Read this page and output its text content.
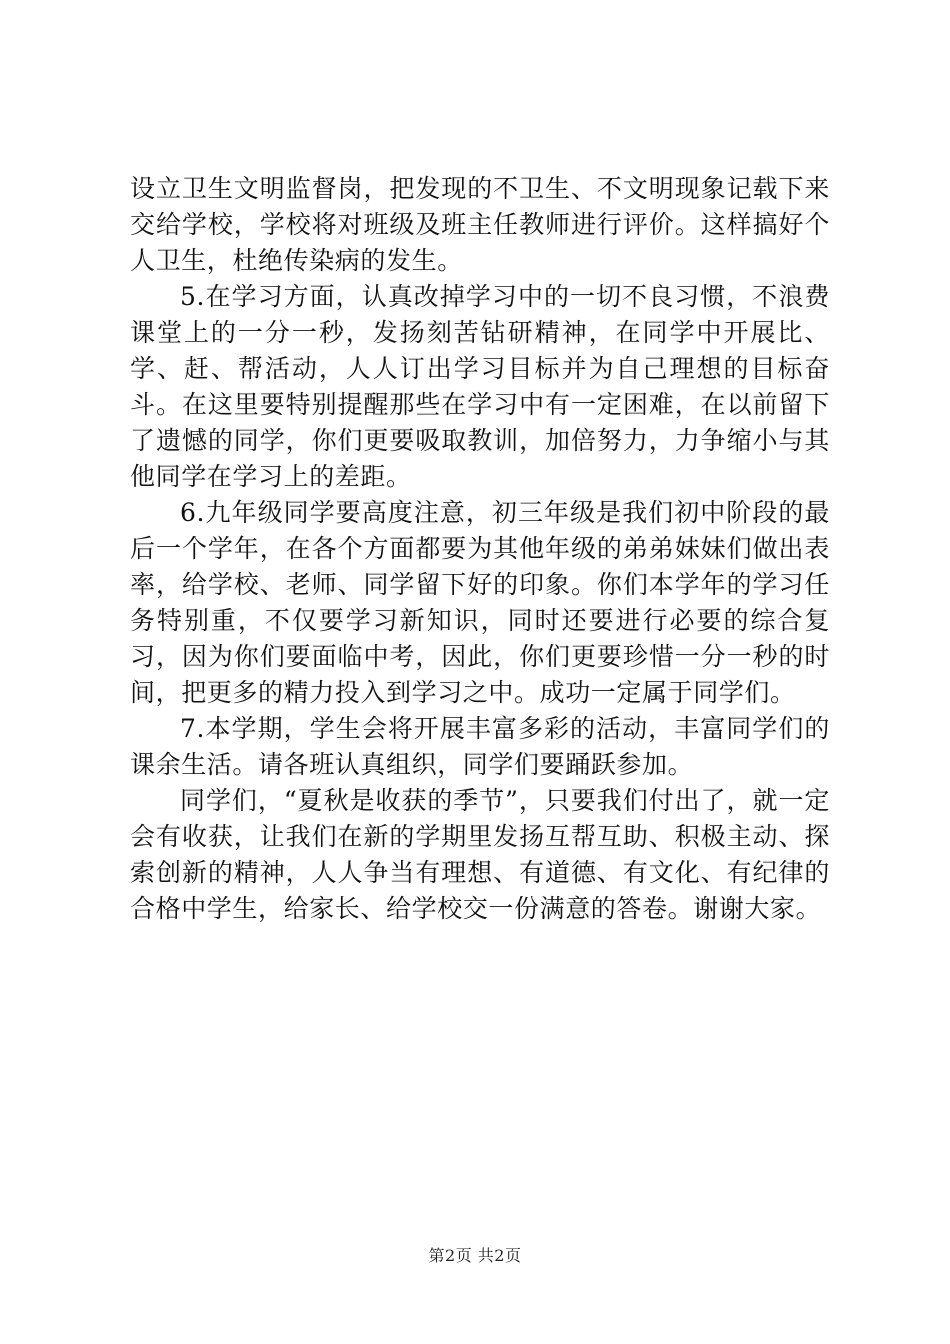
设立卫生文明监督岗，把发现的不卫生、不文明现象记载下来交给学校，学校将对班级及班主任教师进行评价。这样搞好个人卫生，杜绝传染病的发生。

5.在学习方面，认真改掉学习中的一切不良习惯，不浪费课堂上的一分一秒，发扬刻苦钻研精神，在同学中开展比、学、赶、帮活动，人人订出学习目标并为自己理想的目标奋斗。在这里要特别提醒那些在学习中有一定困难，在以前留下了遗憾的同学，你们更要吸取教训，加倍努力，力争缩小与其他同学在学习上的差距。

6.九年级同学要高度注意，初三年级是我们初中阶段的最后一个学年，在各个方面都要为其他年级的弟弟妹妹们做出表率，给学校、老师、同学留下好的印象。你们本学年的学习任务特别重，不仅要学习新知识，同时还要进行必要的综合复习，因为你们要面临中考，因此，你们更要珍惜一分一秒的时间，把更多的精力投入到学习之中。成功一定属于同学们。

7.本学期，学生会将开展丰富多彩的活动，丰富同学们的课余生活。请各班认真组织，同学们要踊跃参加。

同学们，“夏秋是收获的季节”，只要我们付出了，就一定会有收获，让我们在新的学期里发扬互帮互助、积极主动、探索创新的精神，人人争当有理想、有道德、有文化、有纪律的合格中学生，给家长、给学校交一份满意的答卷。谢谢大家。

第2页 共2页
